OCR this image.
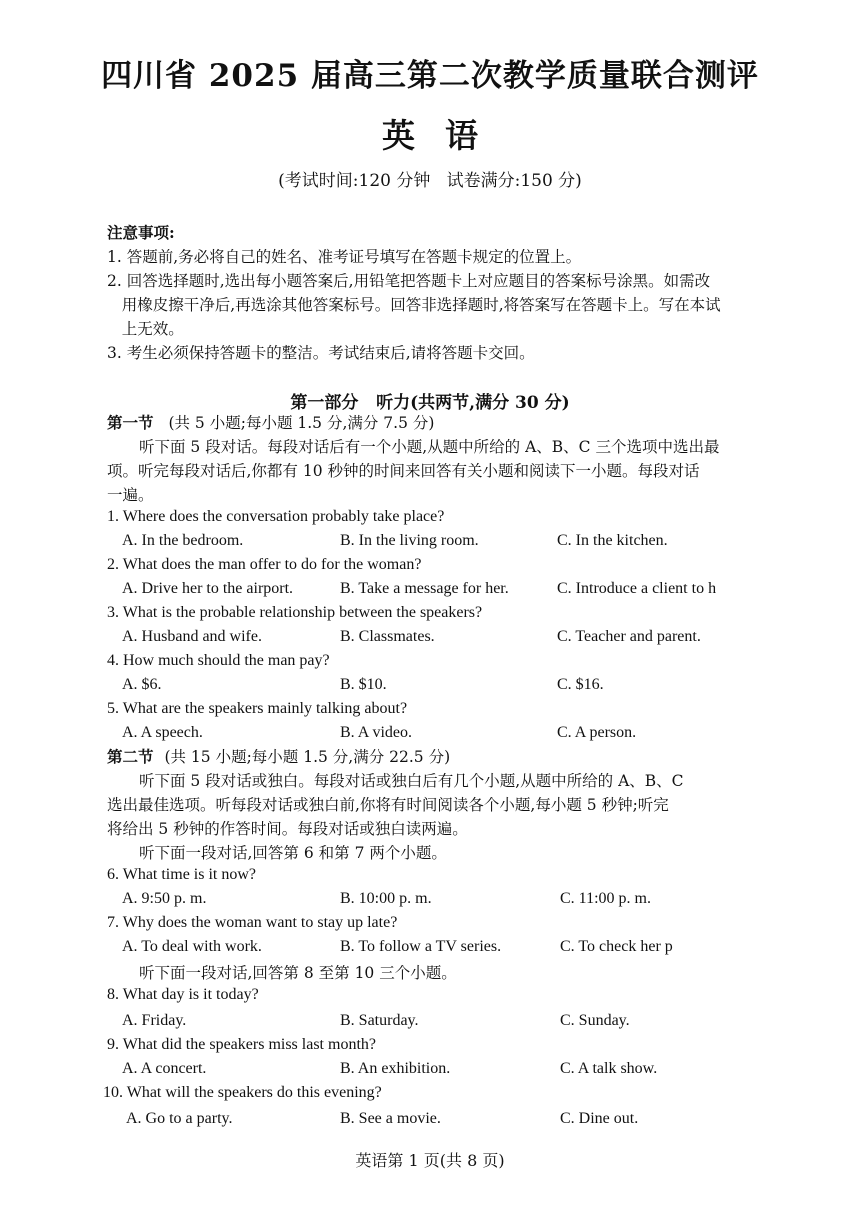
四川省 2025 届高三第二次教学质量联合测评
英语
(考试时间:120 分钟   试卷满分:150 分)
注意事项:
1. 答题前,务必将自己的姓名、准考证号填写在答题卡规定的位置上。
2. 回答选择题时,选出每小题答案后,用铅笔把答题卡上对应题目的答案标号涂黑。如需改
用橡皮擦干净后,再选涂其他答案标号。回答非选择题时,将答案写在答题卡上。写在本试
上无效。
3. 考生必须保持答题卡的整洁。考试结束后,请将答题卡交回。
第一部分   听力(共两节,满分 30 分)
第一节 (共 5 小题;每小题 1.5 分,满分 7.5 分)
听下面 5 段对话。每段对话后有一个小题,从题中所给的 A、B、C 三个选项中选出最
项。听完每段对话后,你都有 10 秒钟的时间来回答有关小题和阅读下一小题。每段对话
一遍。
1. Where does the conversation probably take place?
A. In the bedroom.	B. In the living room.	C. In the kitchen.
2. What does the man offer to do for the woman?
A. Drive her to the airport.	B. Take a message for her.	C. Introduce a client to h
3. What is the probable relationship between the speakers?
A. Husband and wife.	B. Classmates.	C. Teacher and parent.
4. How much should the man pay?
A. $6.	B. $10.	C. $16.
5. What are the speakers mainly talking about?
A. A speech.	B. A video.	C. A person.
第二节 (共 15 小题;每小题 1.5 分,满分 22.5 分)
听下面 5 段对话或独白。每段对话或独白后有几个小题,从题中所给的 A、B、C
选出最佳选项。听每段对话或独白前,你将有时间阅读各个小题,每小题 5 秒钟;听完
将给出 5 秒钟的作答时间。每段对话或独白读两遍。
听下面一段对话,回答第 6 和第 7 两个小题。
6. What time is it now?
A. 9:50 p. m.	B. 10:00 p. m.	C. 11:00 p. m.
7. Why does the woman want to stay up late?
A. To deal with work.	B. To follow a TV series.	C. To check her p
听下面一段对话,回答第 8 至第 10 三个小题。
8. What day is it today?
A. Friday.	B. Saturday.	C. Sunday.
9. What did the speakers miss last month?
A. A concert.	B. An exhibition.	C. A talk show.
10. What will the speakers do this evening?
A. Go to a party.	B. See a movie.	C. Dine out.
英语第 1 页(共 8 页)
